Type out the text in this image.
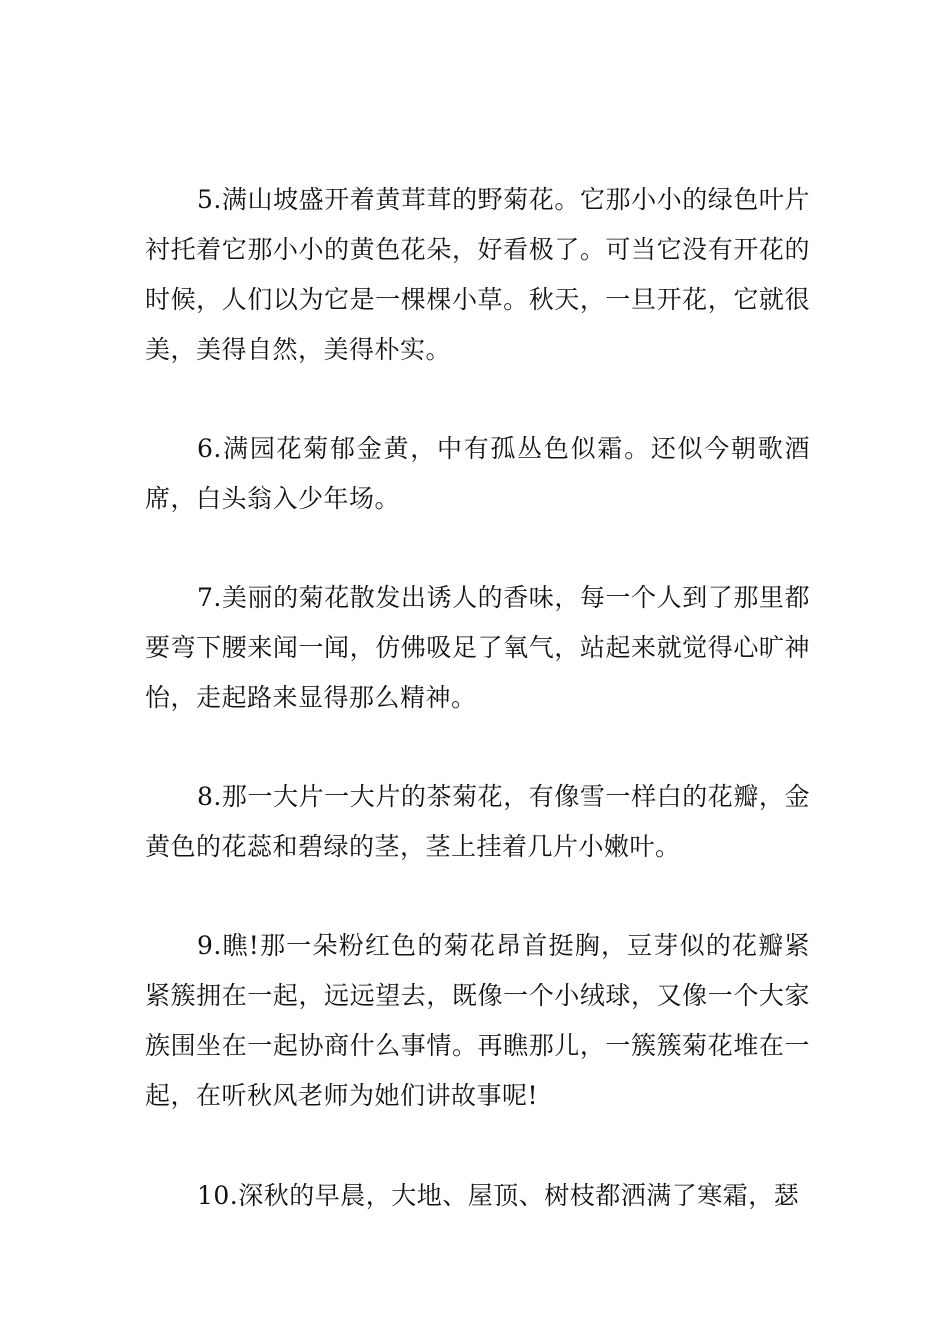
5.满山坡盛开着黄茸茸的野菊花。它那小小的绿色叶片衬托着它那小小的黄色花朵，好看极了。可当它没有开花的时候，人们以为它是一棵棵小草。秋天，一旦开花，它就很美，美得自然，美得朴实。

6.满园花菊郁金黄，中有孤丛色似霜。还似今朝歌酒席，白头翁入少年场。

7.美丽的菊花散发出诱人的香味，每一个人到了那里都要弯下腰来闻一闻，仿佛吸足了氧气，站起来就觉得心旷神怡，走起路来显得那么精神。

8.那一大片一大片的茶菊花，有像雪一样白的花瓣，金黄色的花蕊和碧绿的茎，茎上挂着几片小嫩叶。

9.瞧!那一朵粉红色的菊花昂首挺胸，豆芽似的花瓣紧紧簇拥在一起，远远望去，既像一个小绒球，又像一个大家族围坐在一起协商什么事情。再瞧那儿，一簇簇菊花堆在一起，在听秋风老师为她们讲故事呢!

10.深秋的早晨，大地、屋顶、树枝都洒满了寒霜，瑟
